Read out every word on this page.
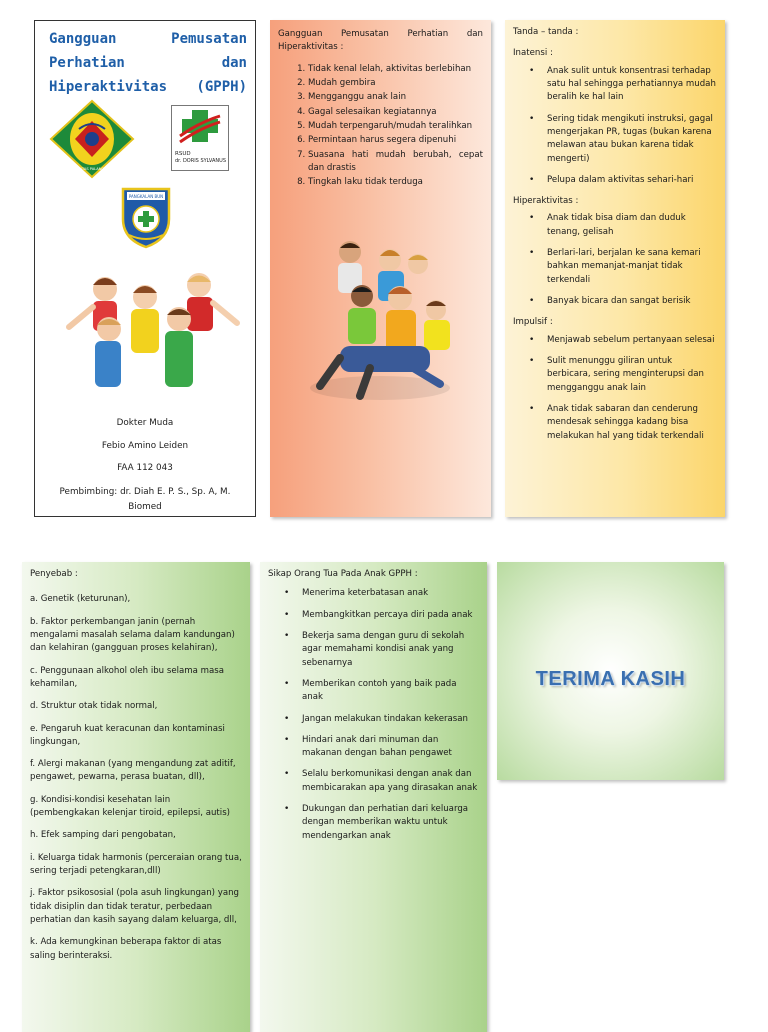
Gangguan	Pemusatan
Perhatian	dan
Hiperaktivitas (GPPH)
UNIVERSITAS PALANGKA RAYA
RSUD
dr. DORIS SYLVANUS
PANGKALAN BUN
Dokter Muda
Febio Amino Leiden
FAA 112 043
Pembimbing: dr. Diah E. P. S., Sp. A, M. Biomed
Gangguan Pemusatan Perhatian dan Hiperaktivitas :
1. Tidak kenal lelah, aktivitas berlebihan
2. Mudah gembira
3. Mengganggu anak lain
4. Gagal selesaikan kegiatannya
5. Mudah terpengaruh/mudah teralihkan
6. Permintaan harus segera dipenuhi
7. Suasana hati mudah berubah, cepat dan drastis
8. Tingkah laku tidak terduga
Tanda – tanda :
Inatensi :
• Anak sulit untuk konsentrasi terhadap satu hal sehingga perhatiannya mudah beralih ke hal lain
• Sering tidak mengikuti instruksi, gagal mengerjakan PR, tugas (bukan karena melawan atau bukan karena tidak mengerti)
• Pelupa dalam aktivitas sehari-hari
Hiperaktivitas :
• Anak tidak bisa diam dan duduk tenang, gelisah
• Berlari-lari, berjalan ke sana kemari bahkan memanjat-manjat tidak terkendali
• Banyak bicara dan sangat berisik
Impulsif :
• Menjawab sebelum pertanyaan selesai
• Sulit menunggu giliran untuk berbicara, sering menginterupsi dan mengganggu anak lain
• Anak tidak sabaran dan cenderung mendesak sehingga kadang bisa melakukan hal yang tidak terkendali

Penyebab :

a. Genetik (keturunan),

b. Faktor perkembangan janin (pernah mengalami masalah selama dalam kandungan) dan kelahiran (gangguan proses kelahiran),

c. Penggunaan alkohol oleh ibu selama masa kehamilan,

d. Struktur otak tidak normal,

e. Pengaruh kuat keracunan dan kontaminasi lingkungan,

f. Alergi makanan (yang mengandung zat aditif, pengawet, pewarna, perasa buatan, dll),

g. Kondisi-kondisi kesehatan lain (pembengkakan kelenjar tiroid, epilepsi, autis)

h. Efek samping dari pengobatan,

i. Keluarga tidak harmonis (perceraian orang tua, sering terjadi petengkaran,dll)

j. Faktor psikososial (pola asuh lingkungan) yang tidak disiplin dan tidak teratur, perbedaan perhatian dan kasih sayang dalam keluarga, dll,

k. Ada kemungkinan beberapa faktor di atas saling berinteraksi.

Sikap Orang Tua Pada Anak GPPH :
• Menerima keterbatasan anak
• Membangkitkan percaya diri pada anak
• Bekerja sama dengan guru di sekolah agar memahami kondisi anak yang sebenarnya
• Memberikan contoh yang baik pada anak
• Jangan melakukan tindakan kekerasan
• Hindari anak dari minuman dan makanan dengan bahan pengawet
• Selalu berkomunikasi dengan anak dan membicarakan apa yang dirasakan anak
• Dukungan dan perhatian dari keluarga dengan memberikan waktu untuk mendengarkan anak
TERIMA KASIH
